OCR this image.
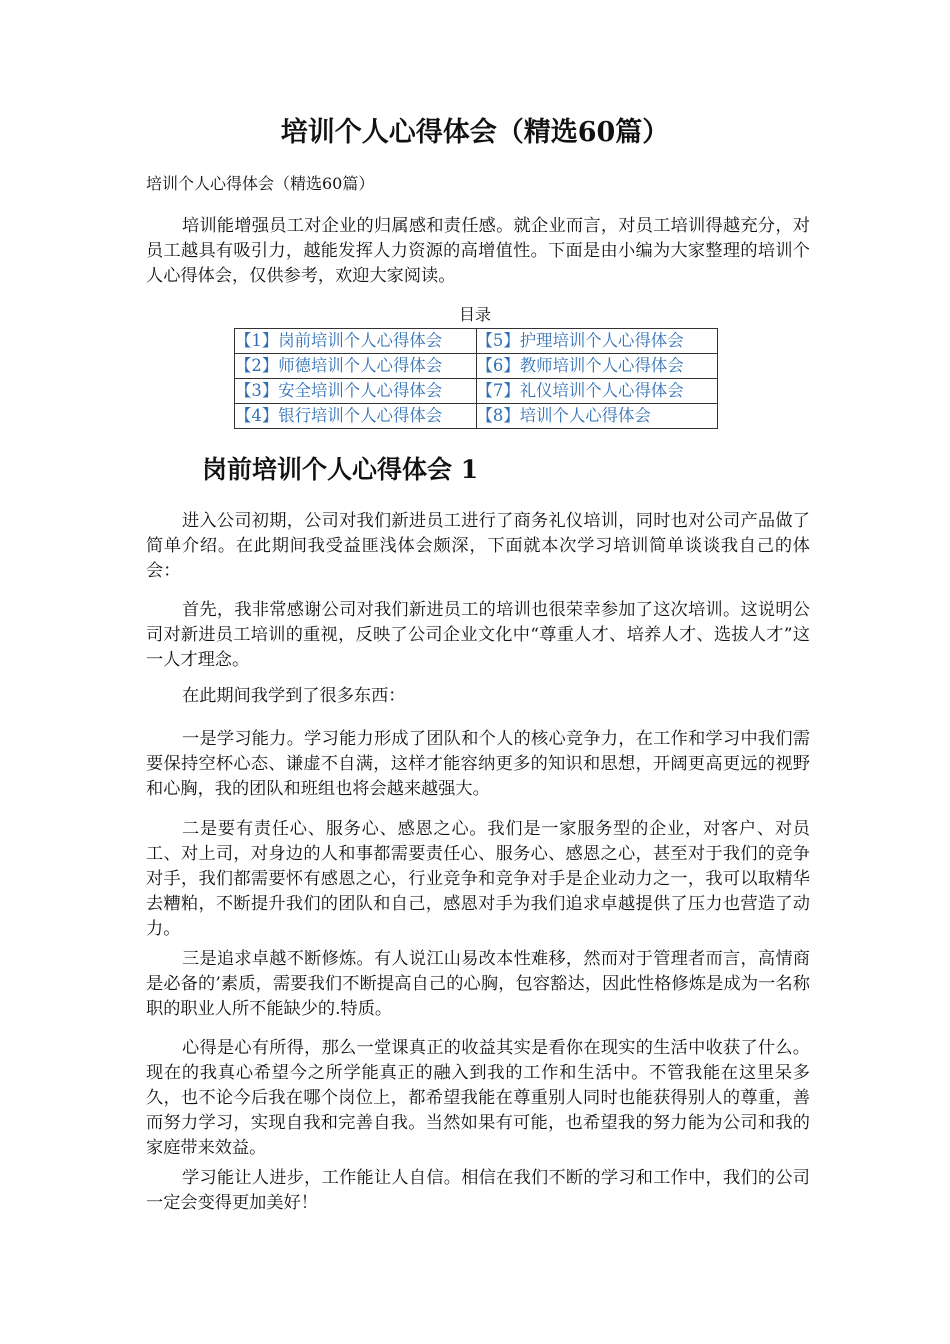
培训个人心得体会（精选60篇）

培训个人心得体会（精选60篇）

培训能增强员工对企业的归属感和责任感。就企业而言，对员工培训得越充分，对员工越具有吸引力，越能发挥人力资源的高增值性。下面是由小编为大家整理的培训个人心得体会，仅供参考，欢迎大家阅读。

目录

【1】岗前培训个人心得体会	【5】护理培训个人心得体会
【2】师德培训个人心得体会	【6】教师培训个人心得体会
【3】安全培训个人心得体会	【7】礼仪培训个人心得体会
【4】银行培训个人心得体会	【8】培训个人心得体会
岗前培训个人心得体会 1

进入公司初期，公司对我们新进员工进行了商务礼仪培训，同时也对公司产品做了简单介绍。在此期间我受益匪浅体会颇深，下面就本次学习培训简单谈谈我自己的体会：

首先，我非常感谢公司对我们新进员工的培训也很荣幸参加了这次培训。这说明公司对新进员工培训的重视，反映了公司企业文化中“尊重人才、培养人才、选拔人才”这一人才理念。

在此期间我学到了很多东西：

一是学习能力。学习能力形成了团队和个人的核心竞争力，在工作和学习中我们需要保持空杯心态、谦虚不自满，这样才能容纳更多的知识和思想，开阔更高更远的视野和心胸，我的团队和班组也将会越来越强大。

二是要有责任心、服务心、感恩之心。我们是一家服务型的企业，对客户、对员工、对上司，对身边的人和事都需要责任心、服务心、感恩之心，甚至对于我们的竞争对手，我们都需要怀有感恩之心，行业竞争和竞争对手是企业动力之一，我可以取精华去糟粕，不断提升我们的团队和自己，感恩对手为我们追求卓越提供了压力也营造了动力。

三是追求卓越不断修炼。有人说江山易改本性难移，然而对于管理者而言，高情商是必备的’素质，需要我们不断提高自己的心胸，包容豁达，因此性格修炼是成为一名称职的职业人所不能缺少的.特质。

心得是心有所得，那么一堂课真正的收益其实是看你在现实的生活中收获了什么。现在的我真心希望今之所学能真正的融入到我的工作和生活中。不管我能在这里呆多久，也不论今后我在哪个岗位上，都希望我能在尊重别人同时也能获得别人的尊重，善而努力学习，实现自我和完善自我。当然如果有可能，也希望我的努力能为公司和我的家庭带来效益。

学习能让人进步，工作能让人自信。相信在我们不断的学习和工作中，我们的公司一定会变得更加美好！
